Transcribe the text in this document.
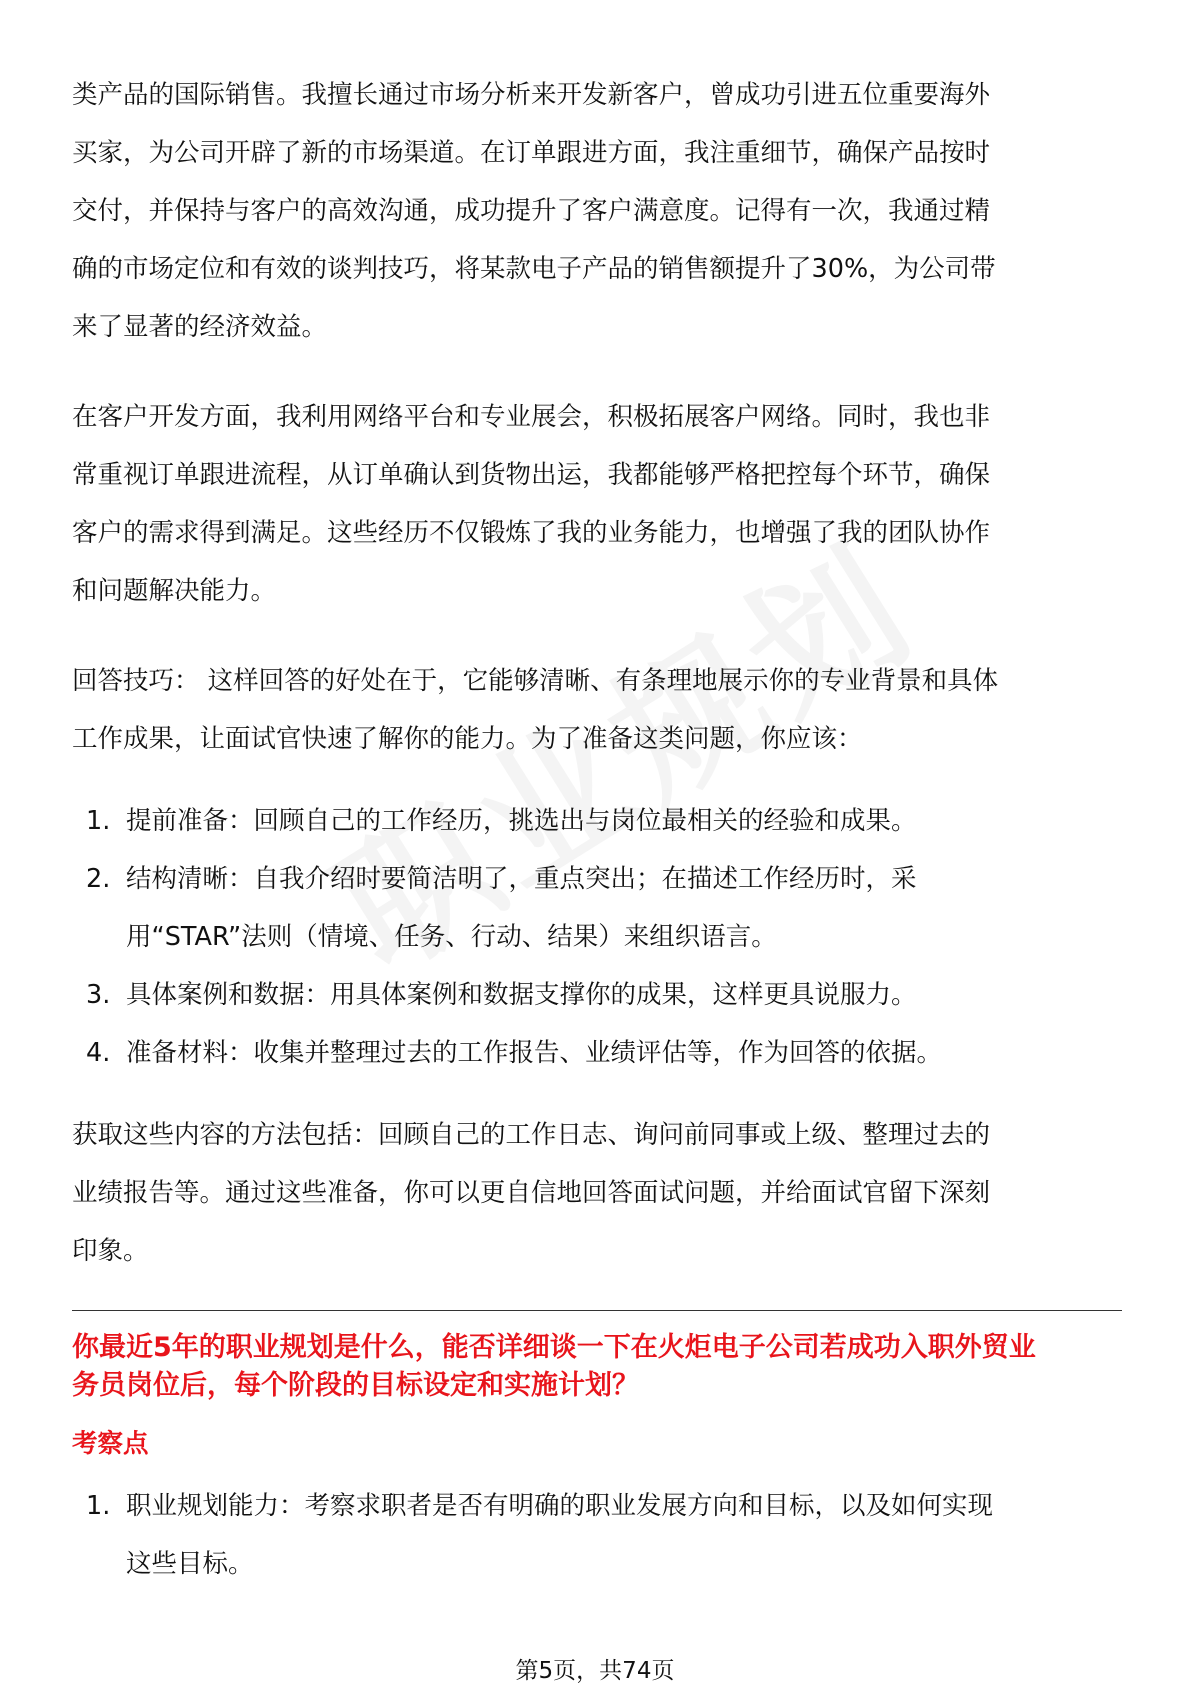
类产品的国际销售。我擅长通过市场分析来开发新客户，曾成功引进五位重要海外
买家，为公司开辟了新的市场渠道。在订单跟进方面，我注重细节，确保产品按时
交付，并保持与客户的高效沟通，成功提升了客户满意度。记得有一次，我通过精
确的市场定位和有效的谈判技巧，将某款电子产品的销售额提升了30%，为公司带
来了显著的经济效益。

在客户开发方面，我利用网络平台和专业展会，积极拓展客户网络。同时，我也非
常重视订单跟进流程，从订单确认到货物出运，我都能够严格把控每个环节，确保
客户的需求得到满足。这些经历不仅锻炼了我的业务能力，也增强了我的团队协作
和问题解决能力。

回答技巧： 这样回答的好处在于，它能够清晰、有条理地展示你的专业背景和具体
工作成果，让面试官快速了解你的能力。为了准备这类问题，你应该：

1. 提前准备：回顾自己的工作经历，挑选出与岗位最相关的经验和成果。
2. 结构清晰：自我介绍时要简洁明了，重点突出；在描述工作经历时，采
用“STAR”法则（情境、任务、行动、结果）来组织语言。
3. 具体案例和数据：用具体案例和数据支撑你的成果，这样更具说服力。
4. 准备材料：收集并整理过去的工作报告、业绩评估等，作为回答的依据。

获取这些内容的方法包括：回顾自己的工作日志、询问前同事或上级、整理过去的
业绩报告等。通过这些准备，你可以更自信地回答面试问题，并给面试官留下深刻
印象。

你最近5年的职业规划是什么，能否详细谈一下在火炬电子公司若成功入职外贸业
务员岗位后，每个阶段的目标设定和实施计划？

考察点
1. 职业规划能力：考察求职者是否有明确的职业发展方向和目标，以及如何实现
这些目标。
第5页，共74页
